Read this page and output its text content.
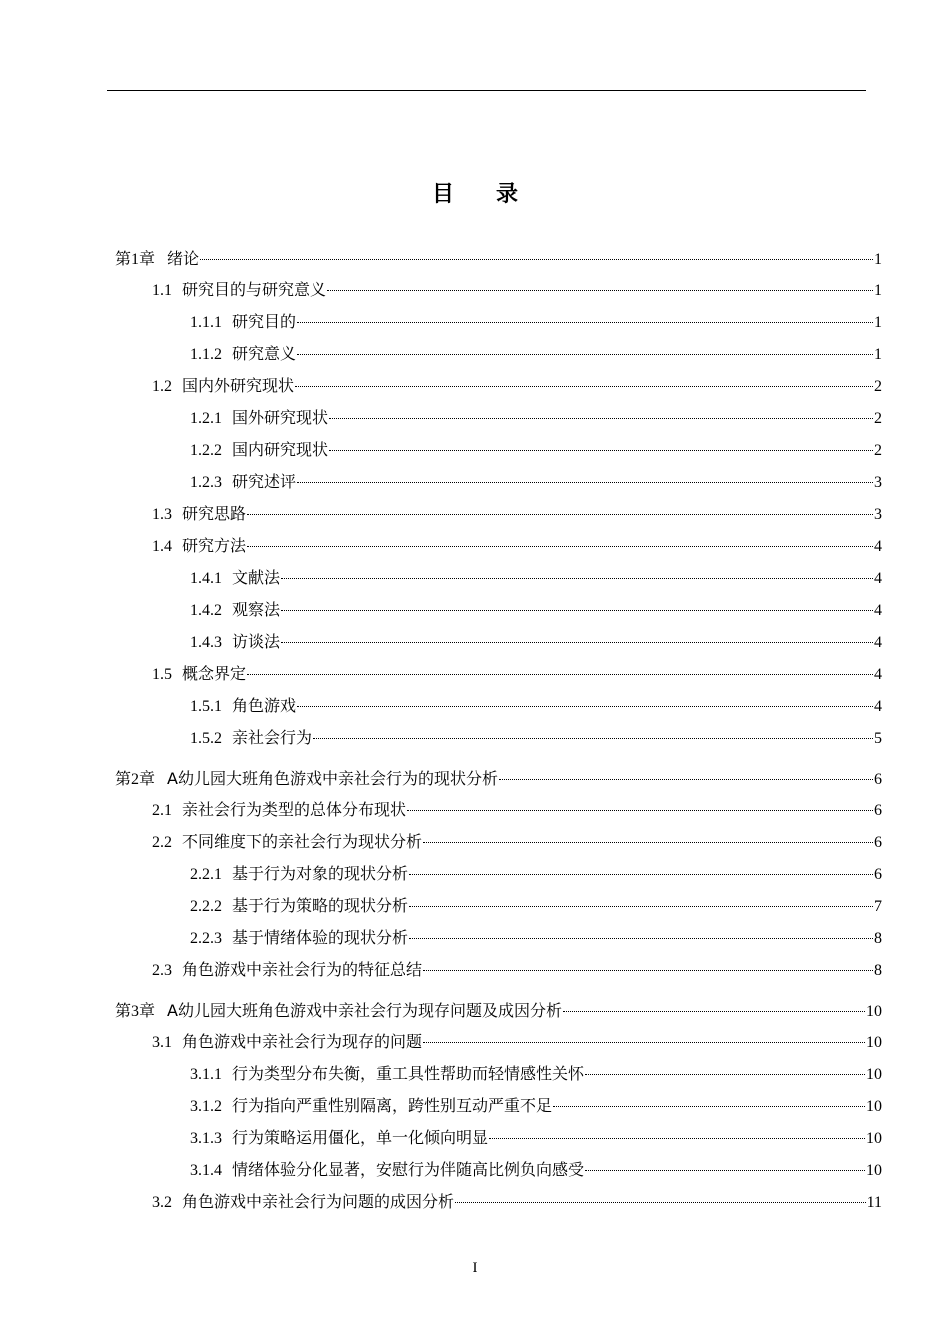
目录
第1章 绪论	1
1.1 研究目的与研究意义	1
1.1.1 研究目的	1
1.1.2 研究意义	1
1.2 国内外研究现状	2
1.2.1 国外研究现状	2
1.2.2 国内研究现状	2
1.2.3 研究述评	3
1.3 研究思路	3
1.4 研究方法	4
1.4.1 文献法	4
1.4.2 观察法	4
1.4.3 访谈法	4
1.5 概念界定	4
1.5.1 角色游戏	4
1.5.2 亲社会行为	5
第2章 A幼儿园大班角色游戏中亲社会行为的现状分析	6
2.1 亲社会行为类型的总体分布现状	6
2.2 不同维度下的亲社会行为现状分析	6
2.2.1 基于行为对象的现状分析	6
2.2.2 基于行为策略的现状分析	7
2.2.3 基于情绪体验的现状分析	8
2.3 角色游戏中亲社会行为的特征总结	8
第3章 A幼儿园大班角色游戏中亲社会行为现存问题及成因分析	10
3.1 角色游戏中亲社会行为现存的问题	10
3.1.1 行为类型分布失衡，重工具性帮助而轻情感性关怀	10
3.1.2 行为指向严重性别隔离，跨性别互动严重不足	10
3.1.3 行为策略运用僵化，单一化倾向明显	10
3.1.4 情绪体验分化显著，安慰行为伴随高比例负向感受	10
3.2 角色游戏中亲社会行为问题的成因分析	11
I
